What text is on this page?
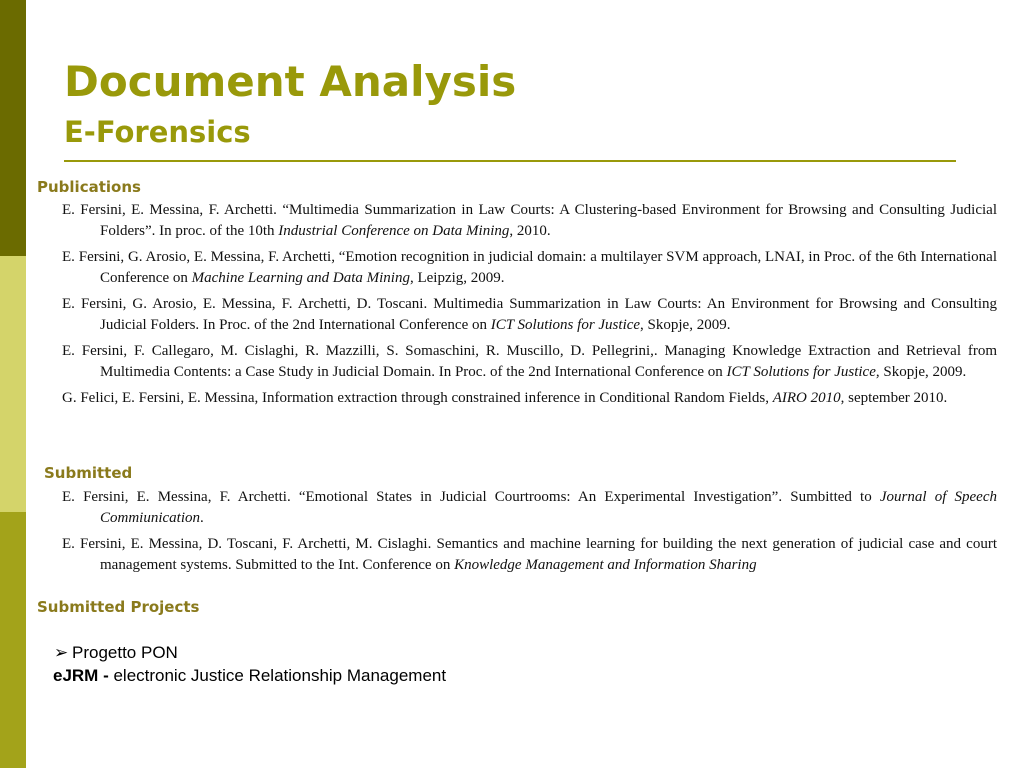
Document Analysis
E-Forensics
Publications
E. Fersini, E. Messina, F. Archetti. “Multimedia Summarization in Law Courts: A Clustering-based Environment for Browsing and Consulting Judicial Folders”. In proc. of the 10th Industrial Conference on Data Mining, 2010.
E. Fersini, G. Arosio, E. Messina, F. Archetti, “Emotion recognition in judicial domain: a multilayer SVM approach, LNAI, in Proc. of the 6th International Conference on Machine Learning and Data Mining, Leipzig, 2009.
E. Fersini, G. Arosio, E. Messina, F. Archetti, D. Toscani. Multimedia Summarization in Law Courts: An Environment for Browsing and Consulting Judicial Folders. In Proc. of the 2nd International Conference on ICT Solutions for Justice, Skopje, 2009.
E. Fersini, F. Callegaro, M. Cislaghi, R. Mazzilli, S. Somaschini, R. Muscillo, D. Pellegrini,. Managing Knowledge Extraction and Retrieval from Multimedia Contents: a Case Study in Judicial Domain. In Proc. of the 2nd International Conference on ICT Solutions for Justice, Skopje, 2009.
G. Felici, E. Fersini, E. Messina, Information extraction through constrained inference in Conditional Random Fields, AIRO 2010, september 2010.
Submitted
E. Fersini, E. Messina, F. Archetti. “Emotional States in Judicial Courtrooms: An Experimental Investigation”. Sumbitted to Journal of Speech Commiunication.
E. Fersini, E. Messina, D. Toscani, F. Archetti, M. Cislaghi. Semantics and machine learning for building the next generation of judicial case and court management systems. Submitted to the Int. Conference on Knowledge Management and Information Sharing
Submitted Projects

➢ Progetto PON

eJRM - electronic Justice Relationship Management
